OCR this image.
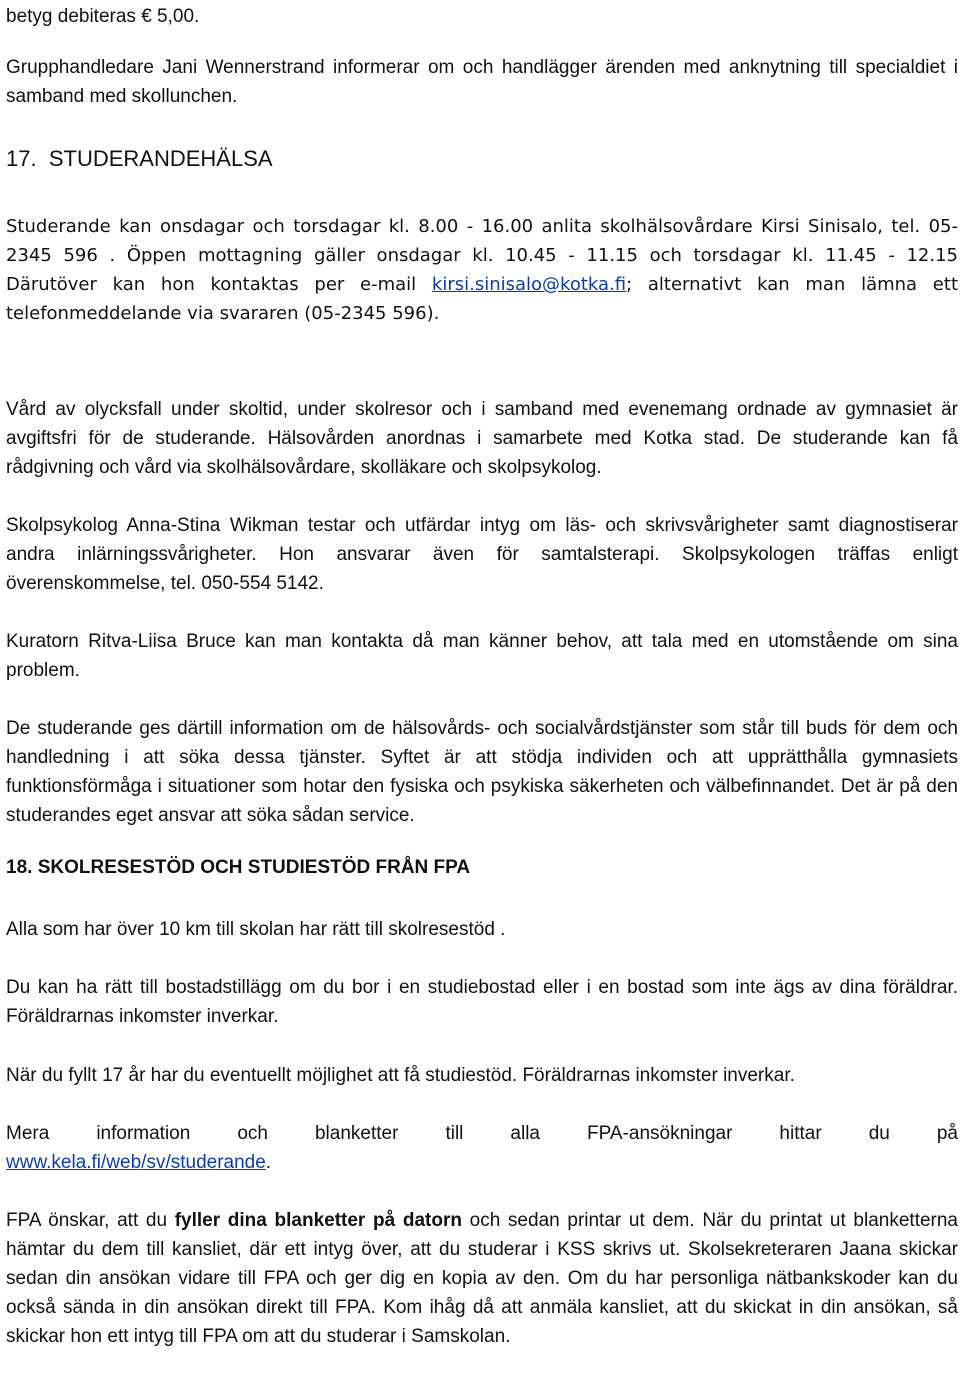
betyg debiteras € 5,00.

Grupphandledare Jani Wennerstrand informerar om och handlägger ärenden med anknytning till specialdiet i samband med skollunchen.

17. STUDERANDEHÄLSA

Studerande kan onsdagar och torsdagar kl. 8.00 - 16.00 anlita skolhälsovårdare Kirsi Sinisalo, tel. 05-2345 596 . Öppen mottagning gäller onsdagar kl. 10.45 - 11.15 och torsdagar kl. 11.45 - 12.15 Därutöver kan hon kontaktas per e-mail kirsi.sinisalo@kotka.fi; alternativt kan man lämna ett telefonmeddelande via svararen (05-2345 596).

Vård av olycksfall under skoltid, under skolresor och i samband med evenemang ordnade av gymnasiet är avgiftsfri för de studerande. Hälsovården anordnas i samarbete med Kotka stad. De studerande kan få rådgivning och vård via skolhälsovårdare, skolläkare och skolpsykolog.

Skolpsykolog Anna-Stina Wikman testar och utfärdar intyg om läs- och skrivsvårigheter samt diagnostiserar andra inlärningssvårigheter. Hon ansvarar även för samtalsterapi. Skolpsykologen träffas enligt överenskommelse, tel. 050-554 5142.

Kuratorn Ritva-Liisa Bruce kan man kontakta då man känner behov, att tala med en utomstående om sina problem.

De studerande ges därtill information om de hälsovårds- och socialvårdstjänster som står till buds för dem och handledning i att söka dessa tjänster. Syftet är att stödja individen och att upprätthålla gymnasiets funktionsförmåga i situationer som hotar den fysiska och psykiska säkerheten och välbefinnandet. Det är på den studerandes eget ansvar att söka sådan service.

18. SKOLRESESTÖD OCH STUDIESTÖD FRÅN FPA

Alla som har över 10 km till skolan har rätt till skolresestöd .

Du kan ha rätt till bostadstillägg om du bor i en studiebostad eller i en bostad som inte ägs av dina föräldrar. Föräldrarnas inkomster inverkar.

När du fyllt 17 år har du eventuellt möjlighet att få studiestöd. Föräldrarnas inkomster inverkar.

Mera information och blanketter till alla FPA-ansökningar hittar du på

www.kela.fi/web/sv/studerande.

FPA önskar, att du fyller dina blanketter på datorn och sedan printar ut dem. När du printat ut blanketterna hämtar du dem till kansliet, där ett intyg över, att du studerar i KSS skrivs ut. Skolsekreteraren Jaana skickar sedan din ansökan vidare till FPA och ger dig en kopia av den. Om du har personliga nätbankskoder kan du också sända in din ansökan direkt till FPA. Kom ihåg då att anmäla kansliet, att du skickat in din ansökan, så skickar hon ett intyg till FPA om att du studerar i Samskolan.
